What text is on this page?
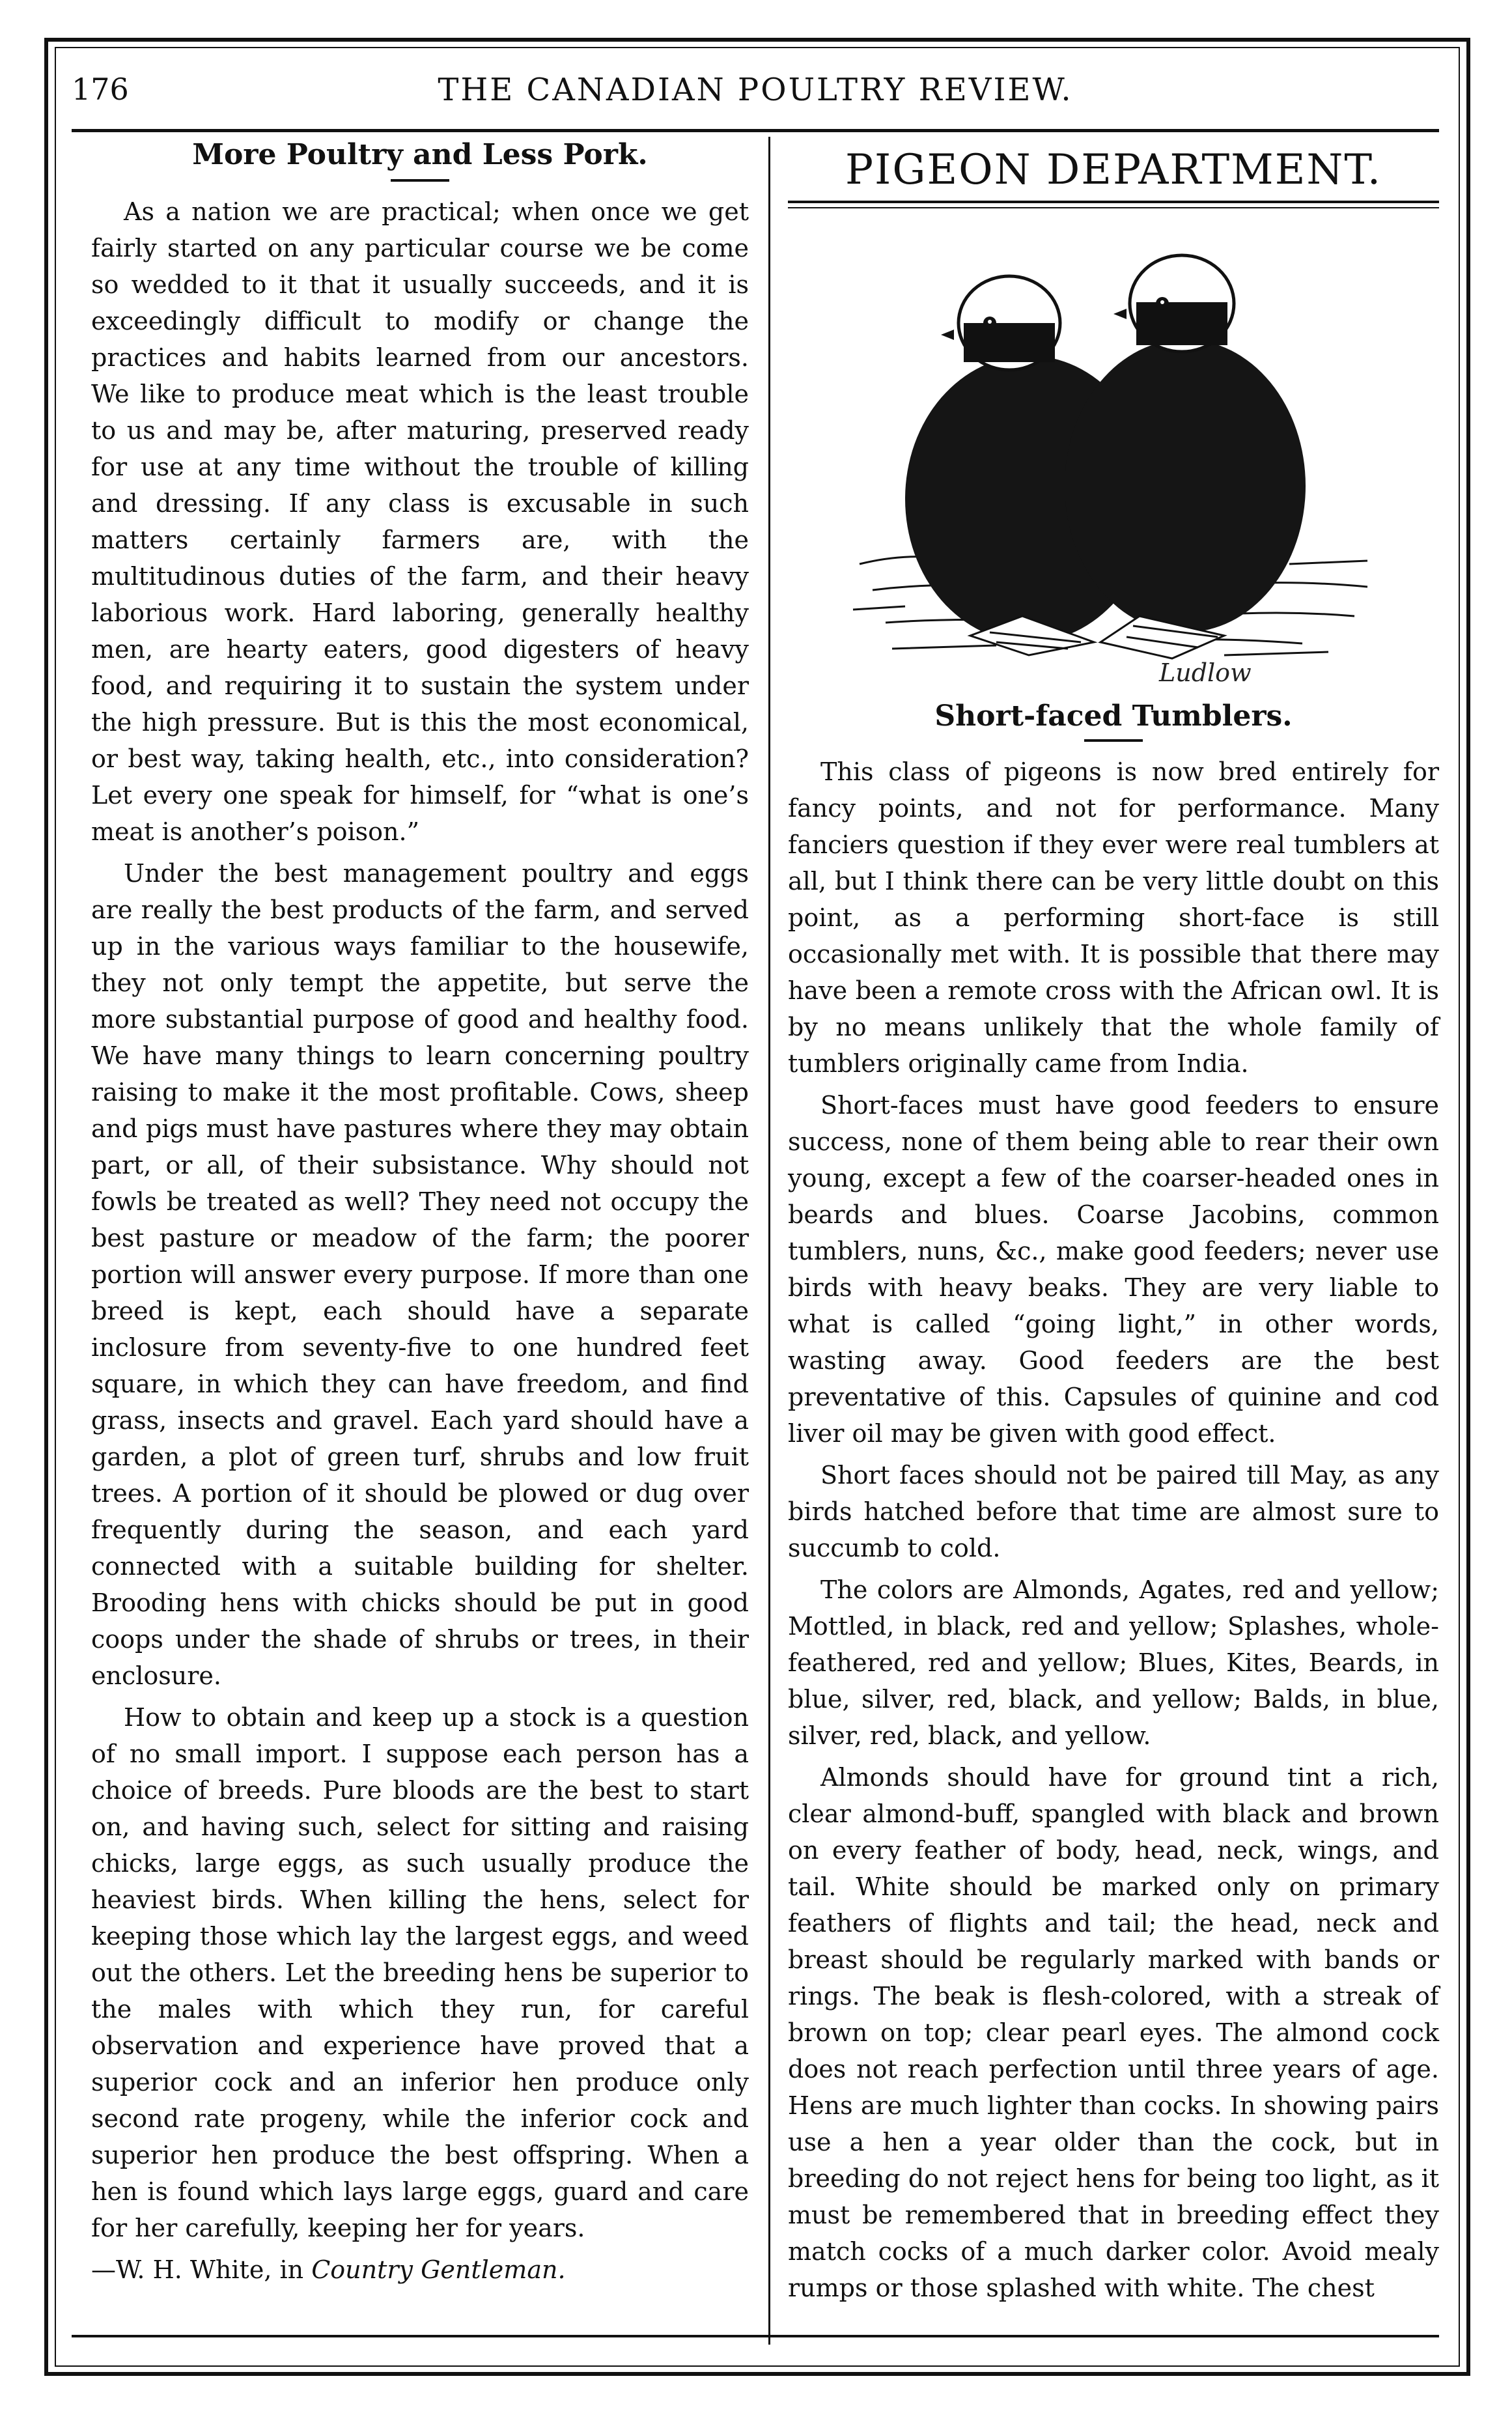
THE CANADIAN POULTRY REVIEW.
176
More Poultry and Less Pork.

As a nation we are practical; when once we get fairly started on any particular course we be come so wedded to it that it usually succeeds, and it is exceedingly difficult to modify or change the practices and habits learned from our ancestors. We like to produce meat which is the least trouble to us and may be, after maturing, preserved ready for use at any time without the trouble of killing and dressing. If any class is excusable in such matters certainly farmers are, with the multitudinous duties of the farm, and their heavy laborious work. Hard laboring, generally healthy men, are hearty eaters, good digesters of heavy food, and requiring it to sustain the system under the high pressure. But is this the most economical, or best way, taking health, etc., into consideration? Let every one speak for himself, for “what is one’s meat is another’s poison.”

Under the best management poultry and eggs are really the best products of the farm, and served up in the various ways familiar to the housewife, they not only tempt the appetite, but serve the more substantial purpose of good and healthy food. We have many things to learn concerning poultry raising to make it the most profitable. Cows, sheep and pigs must have pastures where they may obtain part, or all, of their subsistance. Why should not fowls be treated as well? They need not occupy the best pasture or meadow of the farm; the poorer portion will answer every purpose. If more than one breed is kept, each should have a separate inclosure from seventy-five to one hundred feet square, in which they can have freedom, and find grass, insects and gravel. Each yard should have a garden, a plot of green turf, shrubs and low fruit trees. A portion of it should be plowed or dug over frequently during the season, and each yard connected with a suitable building for shelter. Brooding hens with chicks should be put in good coops under the shade of shrubs or trees, in their enclosure.

How to obtain and keep up a stock is a question of no small import. I suppose each person has a choice of breeds. Pure bloods are the best to start on, and having such, select for sitting and raising chicks, large eggs, as such usually produce the heaviest birds. When killing the hens, select for keeping those which lay the largest eggs, and weed out the others. Let the breeding hens be superior to the males with which they run, for careful observation and experience have proved that a superior cock and an inferior hen produce only second rate progeny, while the inferior cock and superior hen produce the best offspring. When a hen is found which lays large eggs, guard and care for her carefully, keeping her for years.

—W. H. White, in Country Gentleman.
PIGEON DEPARTMENT.
Ludlow
Short-faced Tumblers.

This class of pigeons is now bred entirely for fancy points, and not for performance. Many fanciers question if they ever were real tumblers at all, but I think there can be very little doubt on this point, as a performing short-face is still occasionally met with. It is possible that there may have been a remote cross with the African owl. It is by no means unlikely that the whole family of tumblers originally came from India.

Short-faces must have good feeders to ensure success, none of them being able to rear their own young, except a few of the coarser-headed ones in beards and blues. Coarse Jacobins, common tumblers, nuns, &c., make good feeders; never use birds with heavy beaks. They are very liable to what is called “going light,” in other words, wasting away. Good feeders are the best preventative of this. Capsules of quinine and cod liver oil may be given with good effect.

Short faces should not be paired till May, as any birds hatched before that time are almost sure to succumb to cold.

The colors are Almonds, Agates, red and yellow; Mottled, in black, red and yellow; Splashes, whole-feathered, red and yellow; Blues, Kites, Beards, in blue, silver, red, black, and yellow; Balds, in blue, silver, red, black, and yellow.

Almonds should have for ground tint a rich, clear almond-buff, spangled with black and brown on every feather of body, head, neck, wings, and tail. White should be marked only on primary feathers of flights and tail; the head, neck and breast should be regularly marked with bands or rings. The beak is flesh-colored, with a streak of brown on top; clear pearl eyes. The almond cock does not reach perfection until three years of age. Hens are much lighter than cocks. In showing pairs use a hen a year older than the cock, but in breeding do not reject hens for being too light, as it must be remembered that in breeding effect they match cocks of a much darker color. Avoid mealy rumps or those splashed with white. The chest
